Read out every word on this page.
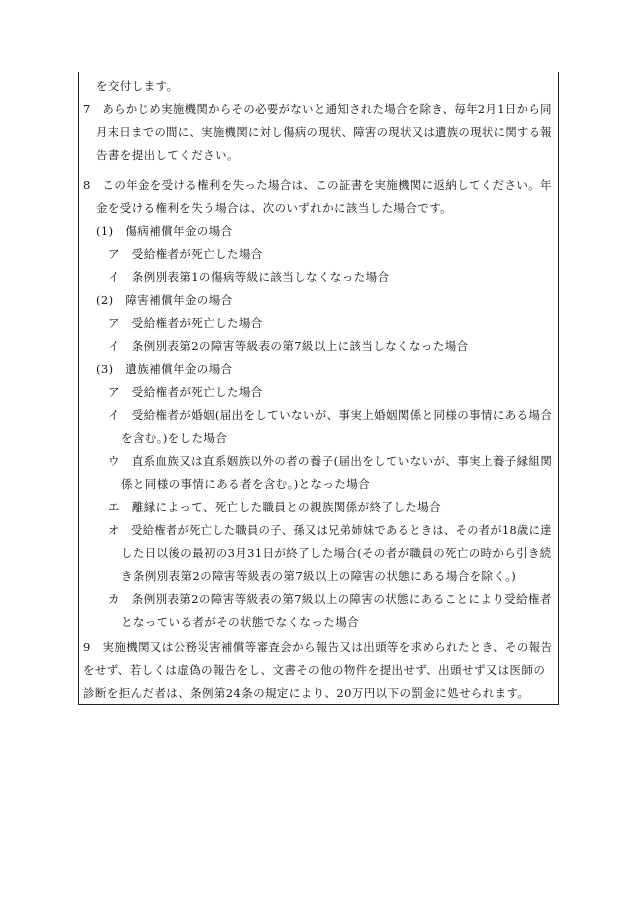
を交付します。
7　あらかじめ実施機関からその必要がないと通知された場合を除き、毎年2月1日から同
月末日までの間に、実施機関に対し傷病の現状、障害の現状又は遺族の現状に関する報
告書を提出してください。
8　この年金を受ける権利を失った場合は、この証書を実施機関に返納してください。年
金を受ける権利を失う場合は、次のいずれかに該当した場合です。
(1)　傷病補償年金の場合
ア　受給権者が死亡した場合
イ　条例別表第1の傷病等級に該当しなくなった場合
(2)　障害補償年金の場合
ア　受給権者が死亡した場合
イ　条例別表第2の障害等級表の第7級以上に該当しなくなった場合
(3)　遺族補償年金の場合
ア　受給権者が死亡した場合
イ　受給権者が婚姻(届出をしていないが、事実上婚姻関係と同様の事情にある場合
を含む。)をした場合
ウ　直系血族又は直系姻族以外の者の養子(届出をしていないが、事実上養子縁組関
係と同様の事情にある者を含む。)となった場合
エ　離縁によって、死亡した職員との親族関係が終了した場合
オ　受給権者が死亡した職員の子、孫又は兄弟姉妹であるときは、その者が18歳に達
した日以後の最初の3月31日が終了した場合(その者が職員の死亡の時から引き続
き条例別表第2の障害等級表の第7級以上の障害の状態にある場合を除く。)
カ　条例別表第2の障害等級表の第7級以上の障害の状態にあることにより受給権者
となっている者がその状態でなくなった場合
9　実施機関又は公務災害補償等審査会から報告又は出頭等を求められたとき、その報告
をせず、若しくは虚偽の報告をし、文書その他の物件を提出せず、出頭せず又は医師の
診断を拒んだ者は、条例第24条の規定により、20万円以下の罰金に処せられます。
